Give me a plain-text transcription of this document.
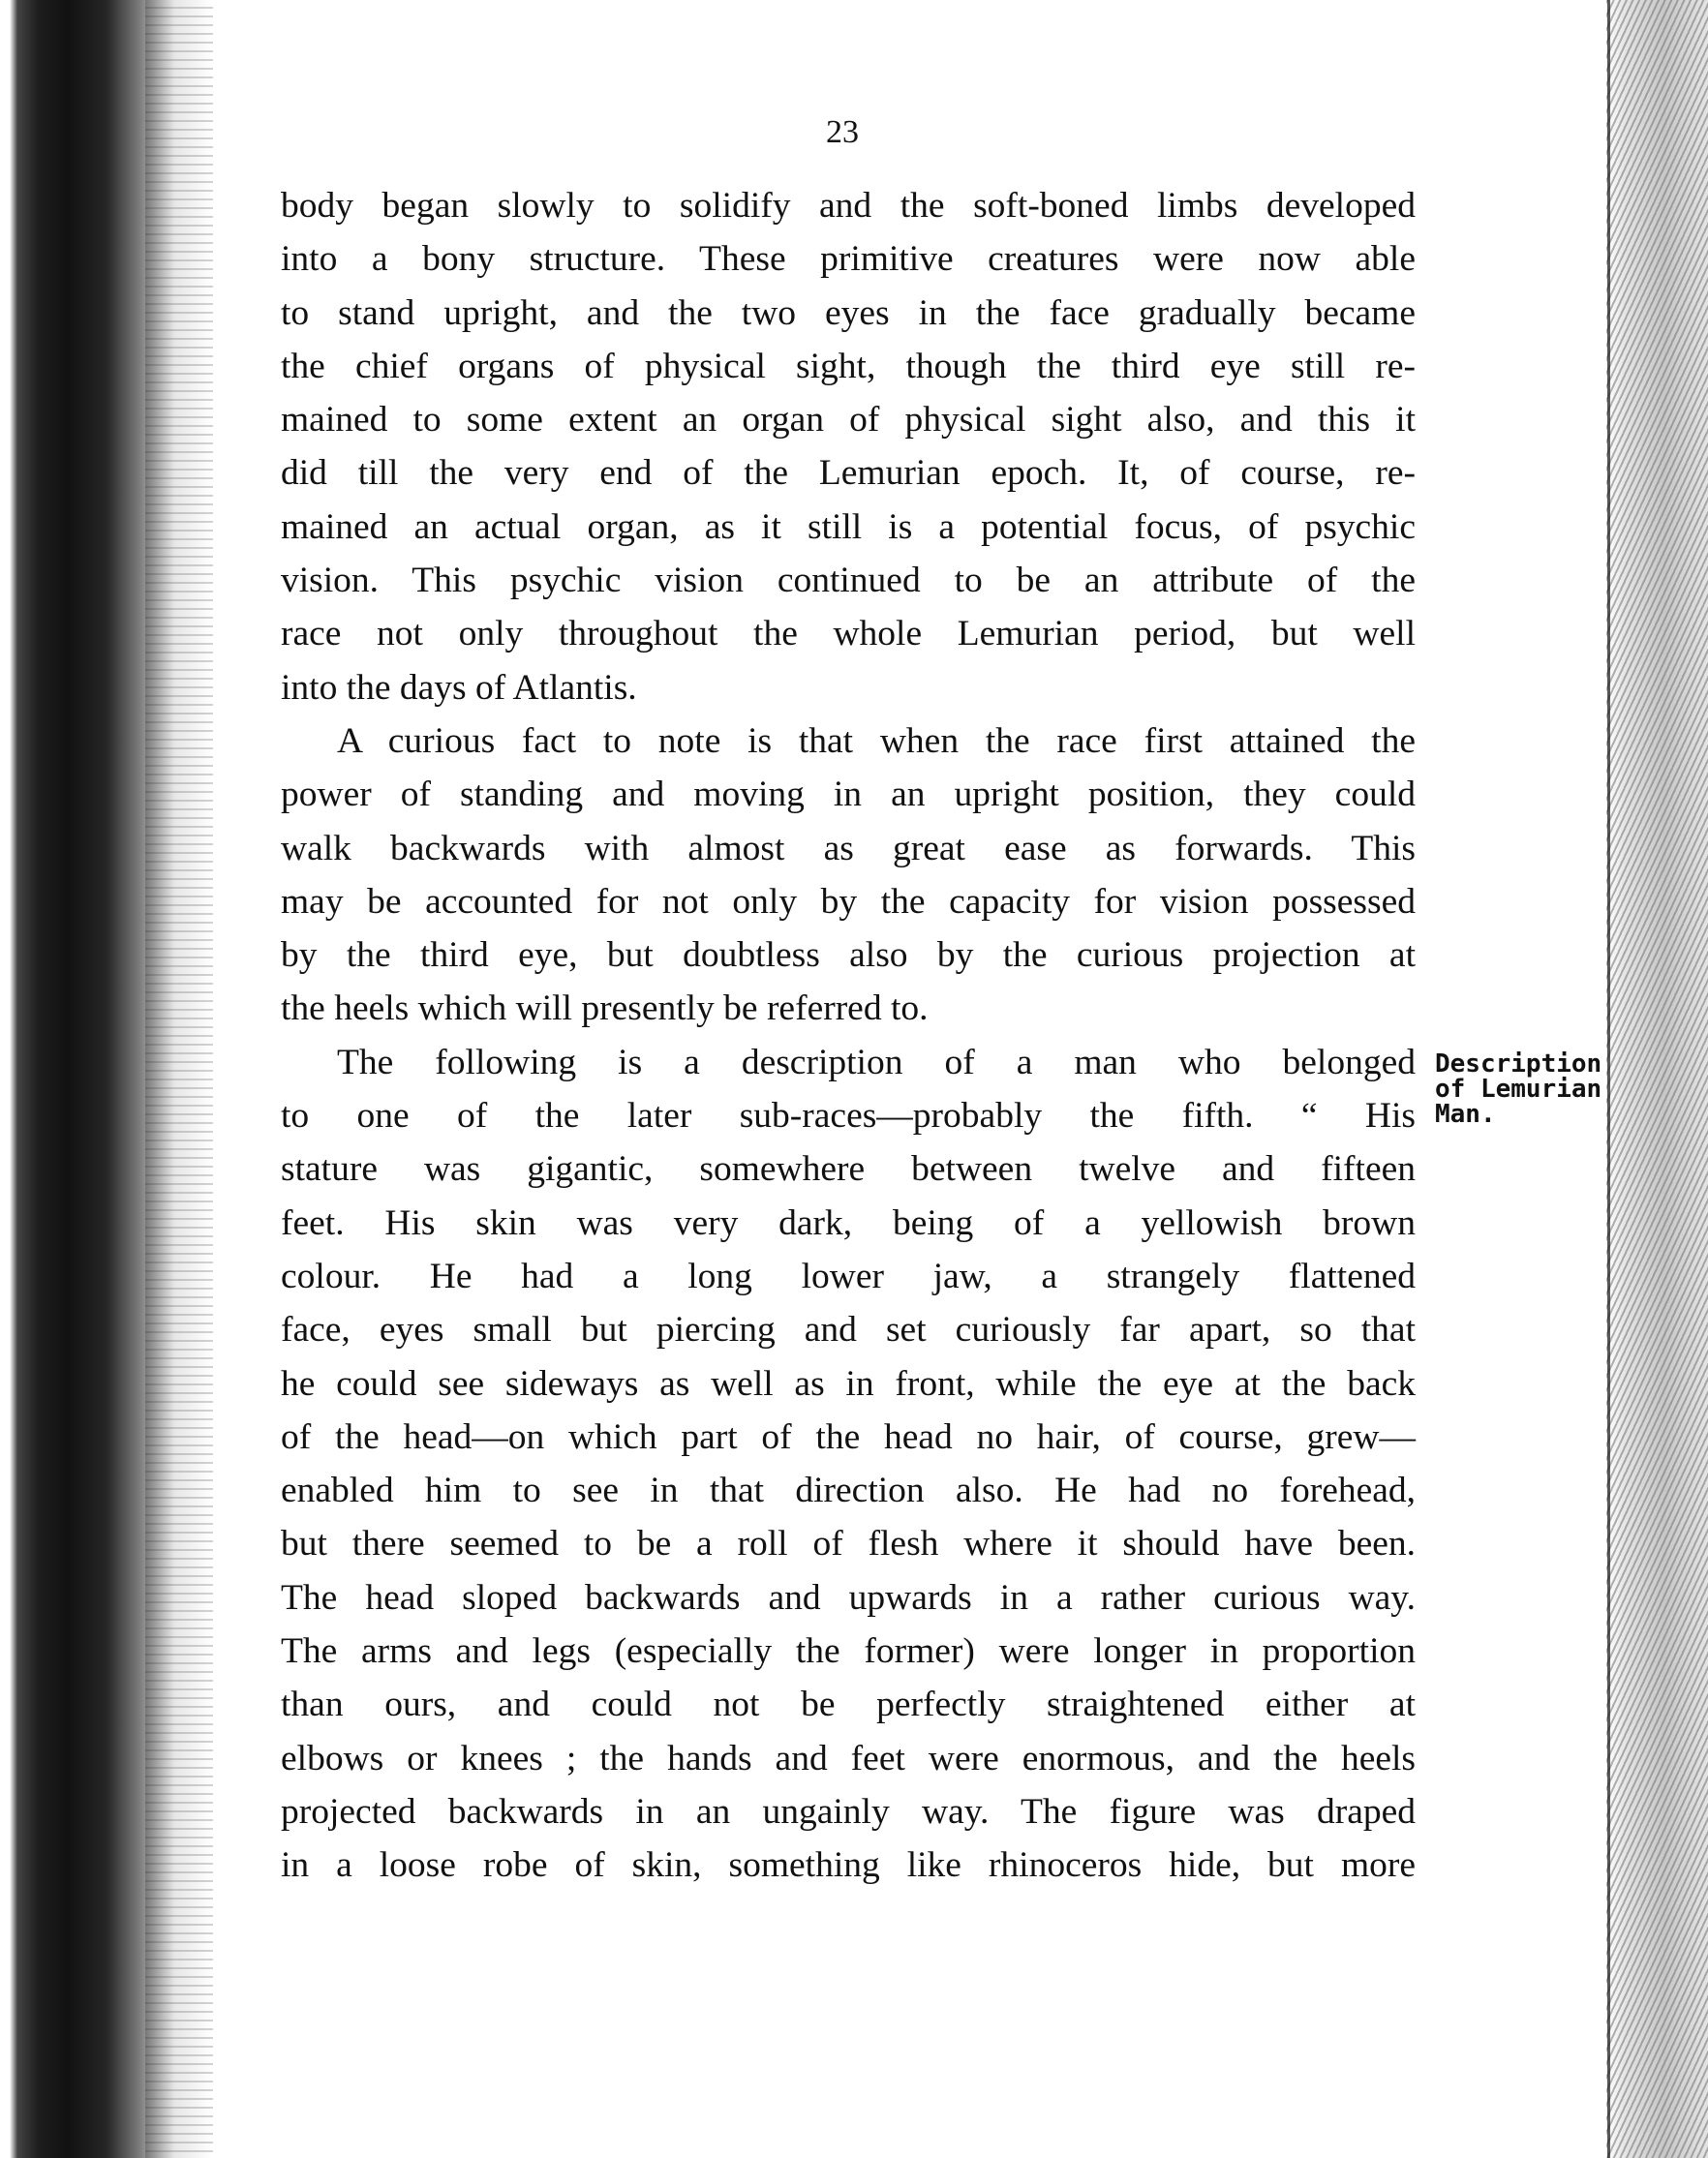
23
body began slowly to solidify and the soft-boned limbs developed
into a bony structure. These primitive creatures were now able
to stand upright, and the two eyes in the face gradually became
the chief organs of physical sight, though the third eye still re-
mained to some extent an organ of physical sight also, and this it
did till the very end of the Lemurian epoch. It, of course, re-
mained an actual organ, as it still is a potential focus, of psychic
vision. This psychic vision continued to be an attribute of the
race not only throughout the whole Lemurian period, but well
into the days of Atlantis.
A curious fact to note is that when the race first attained the
power of standing and moving in an upright position, they could
walk backwards with almost as great ease as forwards. This
may be accounted for not only by the capacity for vision possessed
by the third eye, but doubtless also by the curious projection at
the heels which will presently be referred to.
The following is a description of a man who belonged
to one of the later sub-races—probably the fifth. “ His
stature was gigantic, somewhere between twelve and fifteen
feet. His skin was very dark, being of a yellowish brown
colour. He had a long lower jaw, a strangely flattened
face, eyes small but piercing and set curiously far apart, so that
he could see sideways as well as in front, while the eye at the back
of the head—on which part of the head no hair, of course, grew—
enabled him to see in that direction also. He had no forehead,
but there seemed to be a roll of flesh where it should have been.
The head sloped backwards and upwards in a rather curious way.
The arms and legs (especially the former) were longer in proportion
than ours, and could not be perfectly straightened either at
elbows or knees ; the hands and feet were enormous, and the heels
projected backwards in an ungainly way. The figure was draped
in a loose robe of skin, something like rhinoceros hide, but more
Description
of Lemurian
Man.
